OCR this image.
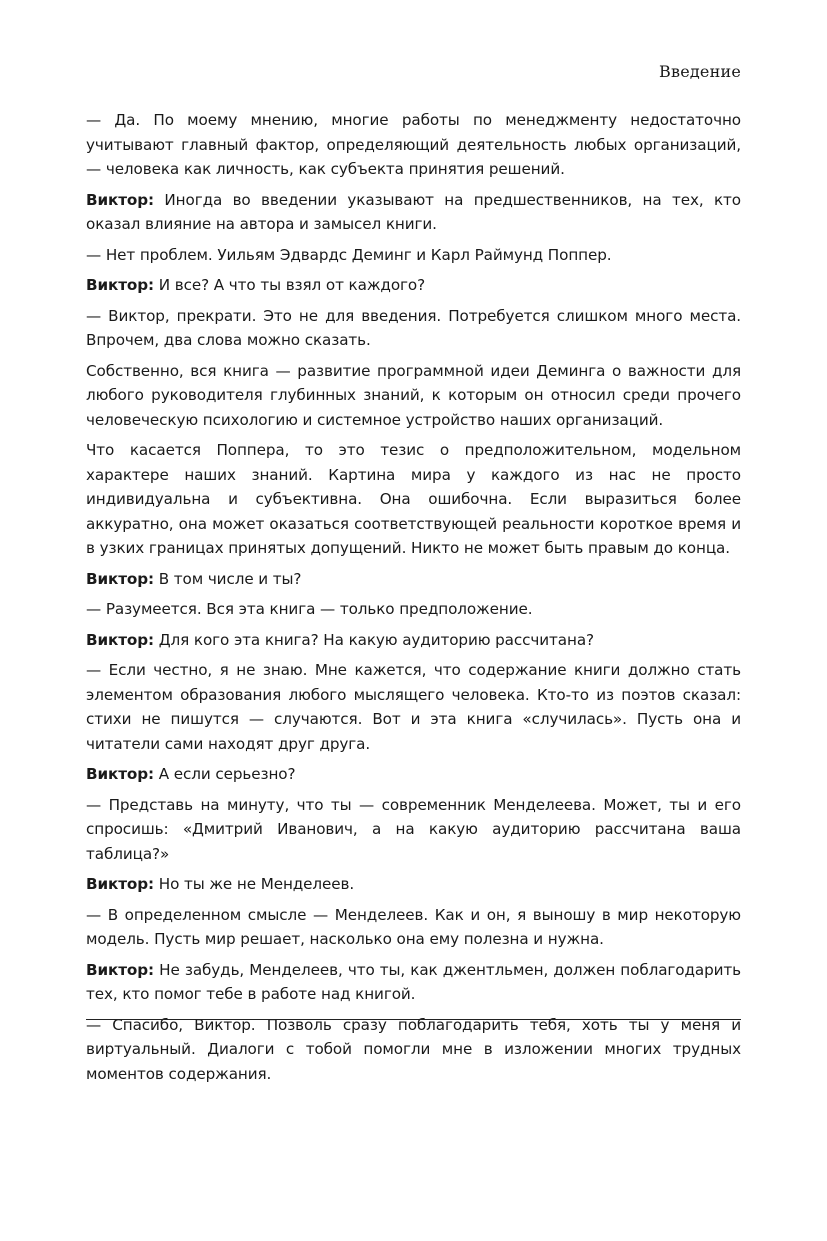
Введение

— Да. По моему мнению, многие работы по менеджменту недостаточно учитывают главный фактор, определяющий деятельность любых организаций, — человека как личность, как субъекта принятия решений.

Виктор: Иногда во введении указывают на предшественников, на тех, кто оказал влияние на автора и замысел книги.

— Нет проблем. Уильям Эдвардс Деминг и Карл Раймунд Поппер.

Виктор: И все? А что ты взял от каждого?

— Виктор, прекрати. Это не для введения. Потребуется слишком много места. Впрочем, два слова можно сказать.

Собственно, вся книга — развитие программной идеи Деминга о важности для любого руководителя глубинных знаний, к которым он относил среди прочего человеческую психологию и системное устройство наших организаций.

Что касается Поппера, то это тезис о предположительном, модельном характере наших знаний. Картина мира у каждого из нас не просто индивидуальна и субъективна. Она ошибочна. Если выразиться более аккуратно, она может оказаться соответствующей реальности короткое время и в узких границах принятых допущений. Никто не может быть правым до конца.

Виктор: В том числе и ты?

— Разумеется. Вся эта книга — только предположение.

Виктор: Для кого эта книга? На какую аудиторию рассчитана?

— Если честно, я не знаю. Мне кажется, что содержание книги должно стать элементом образования любого мыслящего человека. Кто-то из поэтов сказал: стихи не пишутся — случаются. Вот и эта книга «случилась». Пусть она и читатели сами находят друг друга.

Виктор: А если серьезно?

— Представь на минуту, что ты — современник Менделеева. Может, ты и его спросишь: «Дмитрий Иванович, а на какую аудиторию рассчитана ваша таблица?»

Виктор: Но ты же не Менделеев.

— В определенном смысле — Менделеев. Как и он, я выношу в мир некоторую модель. Пусть мир решает, насколько она ему полезна и нужна.

Виктор: Не забудь, Менделеев, что ты, как джентльмен, должен поблагодарить тех, кто помог тебе в работе над книгой.

— Спасибо, Виктор. Позволь сразу поблагодарить тебя, хоть ты у меня и виртуальный. Диалоги с тобой помогли мне в изложении многих трудных моментов содержания.
